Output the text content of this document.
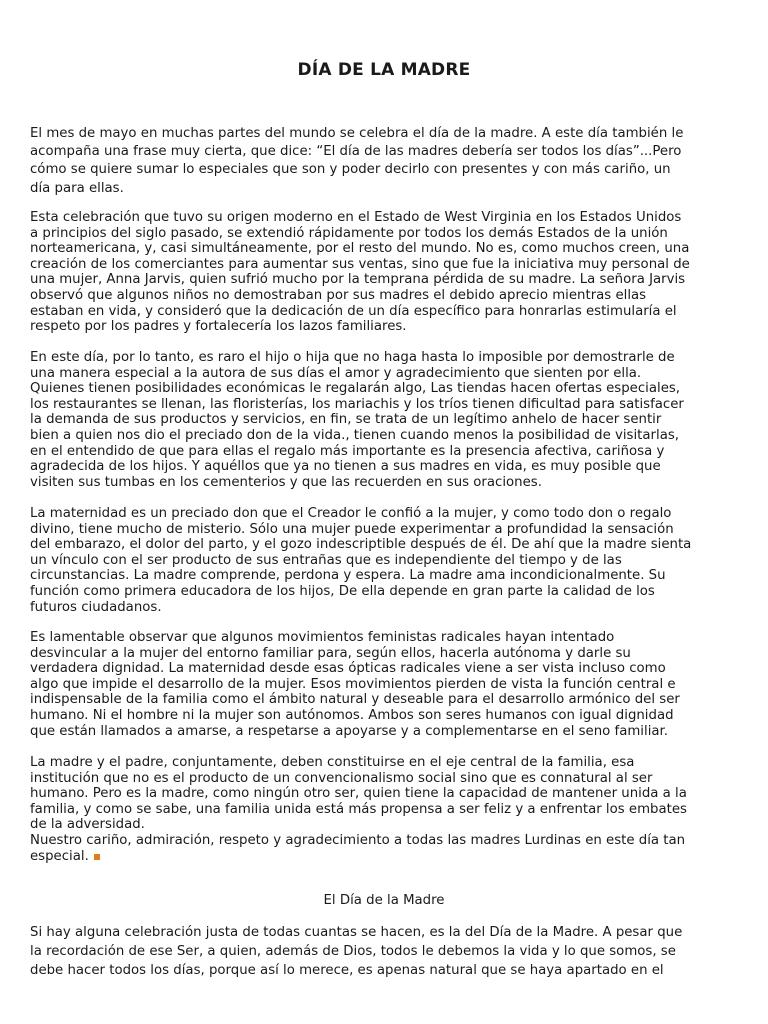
DÍA DE LA MADRE

El mes de mayo en muchas partes del mundo se celebra el día de la madre. A este día también le
acompaña una frase muy cierta, que dice: “El día de las madres debería ser todos los días”...Pero
cómo se quiere sumar lo especiales que son y poder decirlo con presentes y con más cariño, un
día para ellas.

Esta celebración que tuvo su origen moderno en el Estado de West Virginia en los Estados Unidos
a principios del siglo pasado, se extendió rápidamente por todos los demás Estados de la unión
norteamericana, y, casi simultáneamente, por el resto del mundo. No es, como muchos creen, una
creación de los comerciantes para aumentar sus ventas, sino que fue la iniciativa muy personal de
una mujer, Anna Jarvis, quien sufrió mucho por la temprana pérdida de su madre. La señora Jarvis
observó que algunos niños no demostraban por sus madres el debido aprecio mientras ellas
estaban en vida, y consideró que la dedicación de un día específico para honrarlas estimularía el
respeto por los padres y fortalecería los lazos familiares.

En este día, por lo tanto, es raro el hijo o hija que no haga hasta lo imposible por demostrarle de
una manera especial a la autora de sus días el amor y agradecimiento que sienten por ella.
Quienes tienen posibilidades económicas le regalarán algo, Las tiendas hacen ofertas especiales,
los restaurantes se llenan, las floristerías, los mariachis y los tríos tienen dificultad para satisfacer
la demanda de sus productos y servicios, en fin, se trata de un legítimo anhelo de hacer sentir
bien a quien nos dio el preciado don de la vida., tienen cuando menos la posibilidad de visitarlas,
en el entendido de que para ellas el regalo más importante es la presencia afectiva, cariñosa y
agradecida de los hijos. Y aquéllos que ya no tienen a sus madres en vida, es muy posible que
visiten sus tumbas en los cementerios y que las recuerden en sus oraciones.

La maternidad es un preciado don que el Creador le confió a la mujer, y como todo don o regalo
divino, tiene mucho de misterio. Sólo una mujer puede experimentar a profundidad la sensación
del embarazo, el dolor del parto, y el gozo indescriptible después de él. De ahí que la madre sienta
un vínculo con el ser producto de sus entrañas que es independiente del tiempo y de las
circunstancias. La madre comprende, perdona y espera. La madre ama incondicionalmente. Su
función como primera educadora de los hijos, De ella depende en gran parte la calidad de los
futuros ciudadanos.

Es lamentable observar que algunos movimientos feministas radicales hayan intentado
desvincular a la mujer del entorno familiar para, según ellos, hacerla autónoma y darle su
verdadera dignidad. La maternidad desde esas ópticas radicales viene a ser vista incluso como
algo que impide el desarrollo de la mujer. Esos movimientos pierden de vista la función central e
indispensable de la familia como el ámbito natural y deseable para el desarrollo armónico del ser
humano. Ni el hombre ni la mujer son autónomos. Ambos son seres humanos con igual dignidad
que están llamados a amarse, a respetarse a apoyarse y a complementarse en el seno familiar.

La madre y el padre, conjuntamente, deben constituirse en el eje central de la familia, esa
institución que no es el producto de un convencionalismo social sino que es connatural al ser
humano. Pero es la madre, como ningún otro ser, quien tiene la capacidad de mantener unida a la
familia, y como se sabe, una familia unida está más propensa a ser feliz y a enfrentar los embates
de la adversidad.
Nuestro cariño, admiración, respeto y agradecimiento a todas las madres Lurdinas en este día tan
especial.

El Día de la Madre

Si hay alguna celebración justa de todas cuantas se hacen, es la del Día de la Madre. A pesar que
la recordación de ese Ser, a quien, además de Dios, todos le debemos la vida y lo que somos, se
debe hacer todos los días, porque así lo merece, es apenas natural que se haya apartado en el
